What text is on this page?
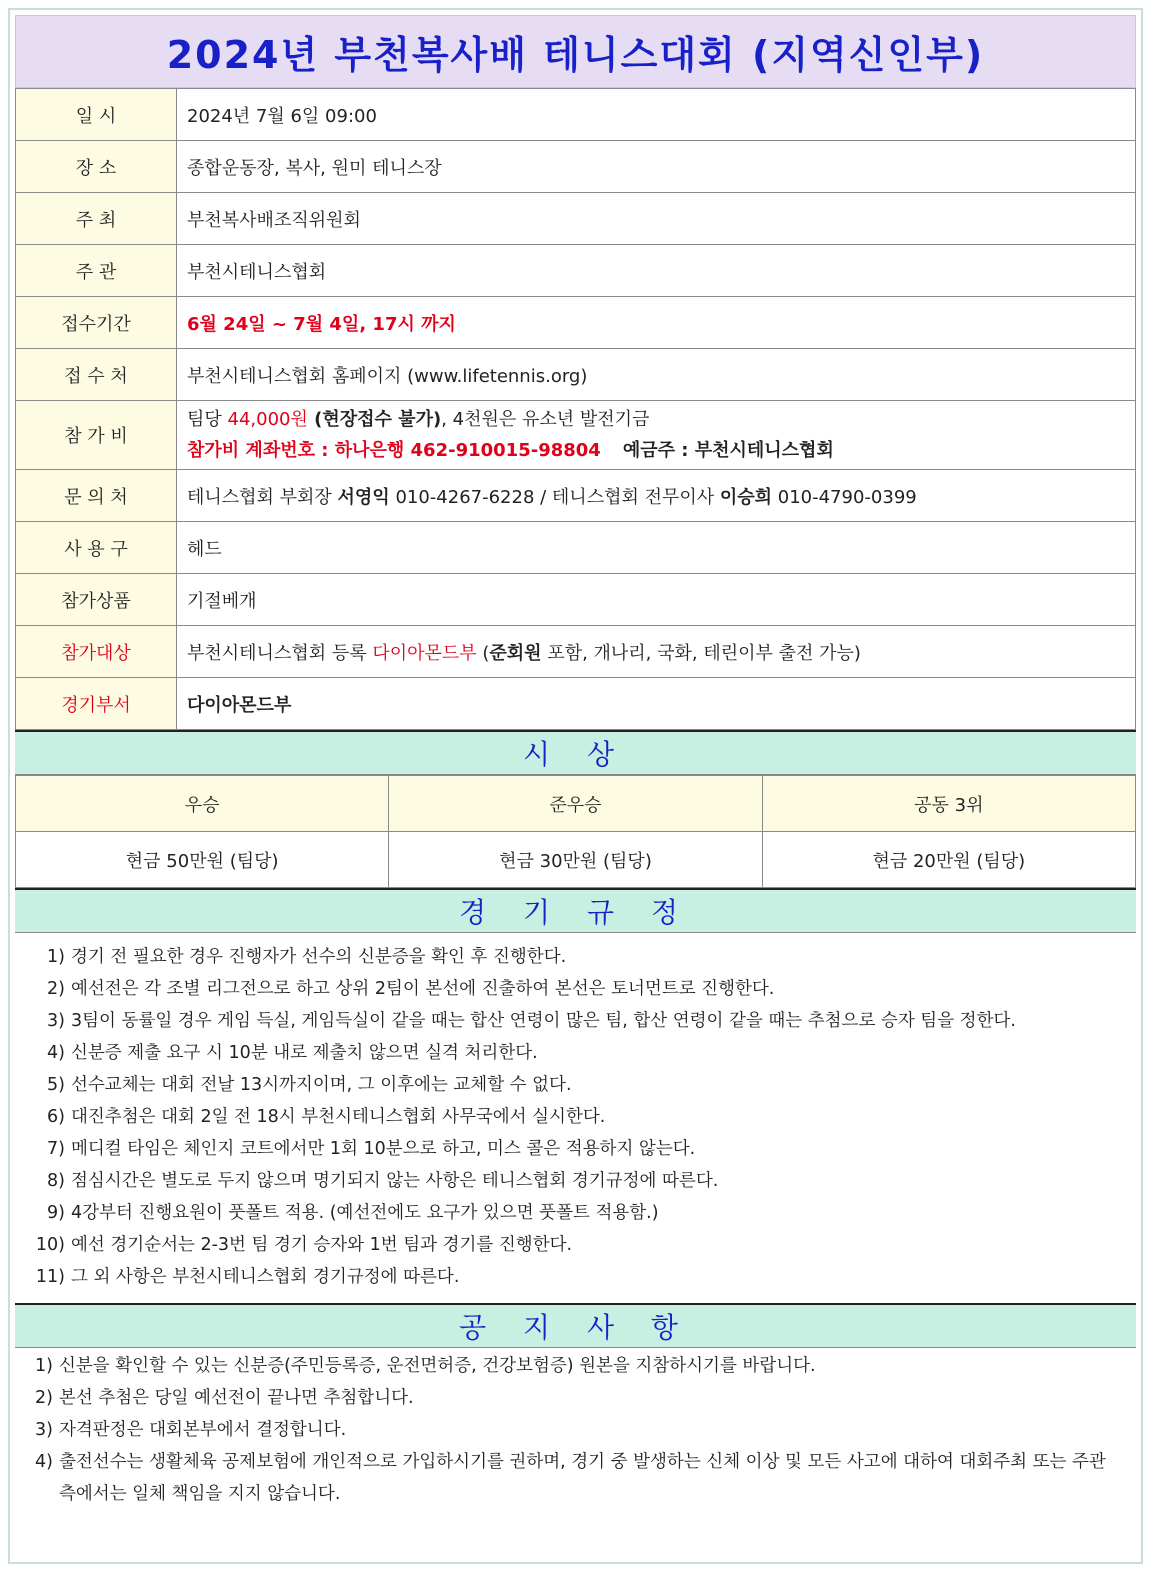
2024년 부천복사배 테니스대회 (지역신인부)
일 시	2024년 7월 6일 09:00
장 소	종합운동장, 복사, 원미 테니스장
주 최	부천복사배조직위원회
주 관	부천시테니스협회
접수기간	6월 24일 ~ 7월 4일, 17시 까지
접 수 처	부천시테니스협회 홈페이지 (www.lifetennis.org)
참 가 비	팀당 44,000원 (현장접수 불가), 4천원은 유소년 발전기금
참가비 계좌번호 : 하나은행 462-910015-98804 예금주 : 부천시테니스협회

문 의 처	테니스협회 부회장 서영익 010-4267-6228 / 테니스협회 전무이사 이승희 010-4790-0399
사 용 구	헤드
참가상품	기절베개
참가대상	부천시테니스협회 등록 다이아몬드부 (준회원 포함, 개나리, 국화, 테린이부 출전 가능)
경기부서	다이아몬드부
시 상
우승	준우승	공동 3위
현금 50만원 (팀당)	현금 30만원 (팀당)	현금 20만원 (팀당)
경 기 규 정
1) 경기 전 필요한 경우 진행자가 선수의 신분증을 확인 후 진행한다.
2) 예선전은 각 조별 리그전으로 하고 상위 2팀이 본선에 진출하여 본선은 토너먼트로 진행한다.
3) 3팀이 동률일 경우 게임 득실, 게임득실이 같을 때는 합산 연령이 많은 팀, 합산 연령이 같을 때는 추첨으로 승자 팀을 정한다.
4) 신분증 제출 요구 시 10분 내로 제출치 않으면 실격 처리한다.
5) 선수교체는 대회 전날 13시까지이며, 그 이후에는 교체할 수 없다.
6) 대진추첨은 대회 2일 전 18시 부천시테니스협회 사무국에서 실시한다.
7) 메디컬 타임은 체인지 코트에서만 1회 10분으로 하고, 미스 콜은 적용하지 않는다.
8) 점심시간은 별도로 두지 않으며 명기되지 않는 사항은 테니스협회 경기규정에 따른다.
9) 4강부터 진행요원이 풋폴트 적용. (예선전에도 요구가 있으면 풋폴트 적용함.)
10) 예선 경기순서는 2-3번 팀 경기 승자와 1번 팀과 경기를 진행한다.
11) 그 외 사항은 부천시테니스협회 경기규정에 따른다.
공 지 사 항
1) 신분을 확인할 수 있는 신분증(주민등록증, 운전면허증, 건강보험증) 원본을 지참하시기를 바랍니다.
2) 본선 추첨은 당일 예선전이 끝나면 추첨합니다.
3) 자격판정은 대회본부에서 결정합니다.
4) 출전선수는 생활체육 공제보험에 개인적으로 가입하시기를 권하며, 경기 중 발생하는 신체 이상 및 모든 사고에 대하여 대회주최 또는 주관 측에서는 일체 책임을 지지 않습니다.
